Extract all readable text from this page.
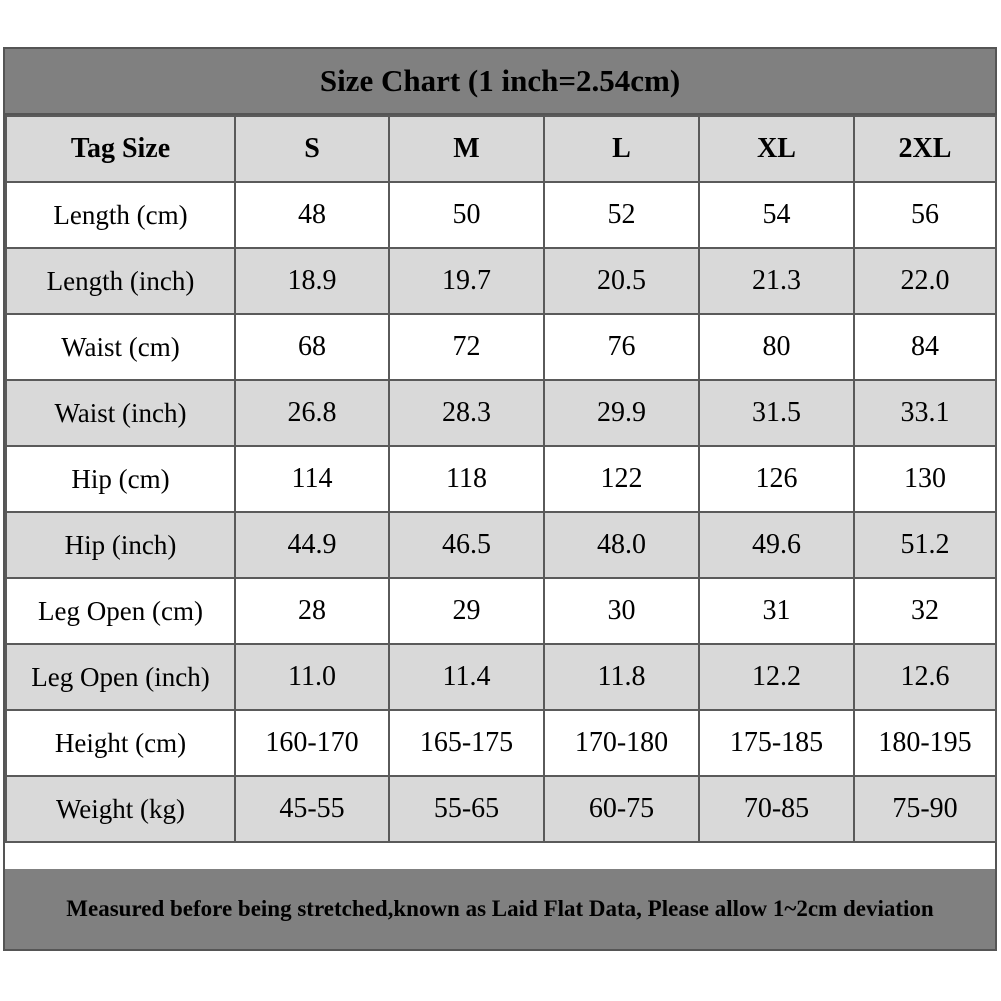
Size Chart (1 inch=2.54cm)
Tag Size	S	M	L	XL	2XL
Length (cm)	48	50	52	54	56
Length (inch)	18.9	19.7	20.5	21.3	22.0
Waist (cm)	68	72	76	80	84
Waist (inch)	26.8	28.3	29.9	31.5	33.1
Hip (cm)	114	118	122	126	130
Hip (inch)	44.9	46.5	48.0	49.6	51.2
Leg Open (cm)	28	29	30	31	32
Leg Open (inch)	11.0	11.4	11.8	12.2	12.6
Height (cm)	160-170	165-175	170-180	175-185	180-195
Weight (kg)	45-55	55-65	60-75	70-85	75-90
Measured before being stretched,known as Laid Flat Data, Please allow 1~2cm deviation
